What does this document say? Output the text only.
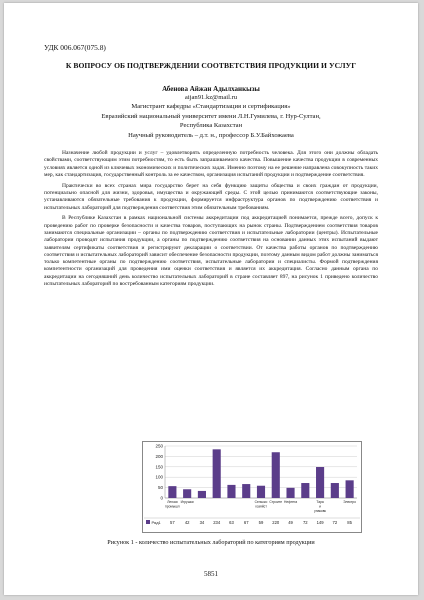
УДК 006.067(075.8)
К ВОПРОСУ ОБ ПОДТВЕРЖДЕНИИ СООТВЕТСТВИЯ ПРОДУКЦИИ И УСЛУГ
Абенова Айжан Адылханкызы
aijan91.kz@mail.ru
Магистрант кафедры «Стандартизация и сертификация»
Евразийский национальный университет имени Л.Н.Гумилева, г. Нур-Султан,
Республика Казахстан
Научный руководитель – д.т. н., профессор Б.У.Байхожаева

Назначение любой продукции и услуг – удовлетворять определенную потребность человека. Для этого они должны обладать свойствами, соответствующим этим потребностям, то есть быть запрашиваемого качества. Повышение качества продукции в современных условиях является одной из ключевых экономических и политических задач. Именно поэтому на ее решение направлена совокупность таких мер, как стандартизация, государственный контроль за ее качеством, организация испытаний продукции и подтверждение соответствия.

Практически во всех странах мира государство берет на себя функцию защиты общества и своих граждан от продукции, потенциально опасной для жизни, здоровья, имущества и окружающей среды. С этой целью принимаются соответствующие законы, устанавливаются обязательные требования к продукции, формируется инфраструктура органов по подтверждению соответствия и испытательных лабораторий для подтверждения соответствия этим обязательным требованиям.

В Республике Казахстан в рамках национальной системы аккредитации под аккредитацией понимается, прежде всего, допуск к проведению работ по проверке безопасности и качества товаров, поступающих на рынок страны. Подтверждением соответствия товаров занимаются специальные организации – органы по подтверждению соответствия и испытательные лаборатории (центры). Испытательные лаборатории проводят испытания продукции, а органы по подтверждению соответствия на основании данных этих испытаний выдают заявителям сертификаты соответствия и регистрируют декларации о соответствии. От качества работы органов по подтверждению соответствия и испытательных лабораторий зависит обеспечение безопасности продукции, поэтому данным видом работ должны заниматься только компетентные органы по подтверждению соответствия, испытательные лаборатории и специалисты. Формой подтверждения компетентности организаций для проведения ими оценки соответствия и является их аккредитация. Согласно данным органа по аккредитации на сегодняшний день количество испытательных лабораторий в стране составляет 897, на рисунок 1 приведено количество испытательных лабораторий по востребованным категориям продукции.

0
50
100
150
200
250
Легкая
промышл
Игрушки	Сельско
хозяйст
Строите Нефтега	Тара
и
упаковк
Электро
Ряд1 57 42 34 234 63 67 59 220 49 72 149 72 85
Рисунок 1 - количество испытательных лабораторий по категориям продукции
5851
